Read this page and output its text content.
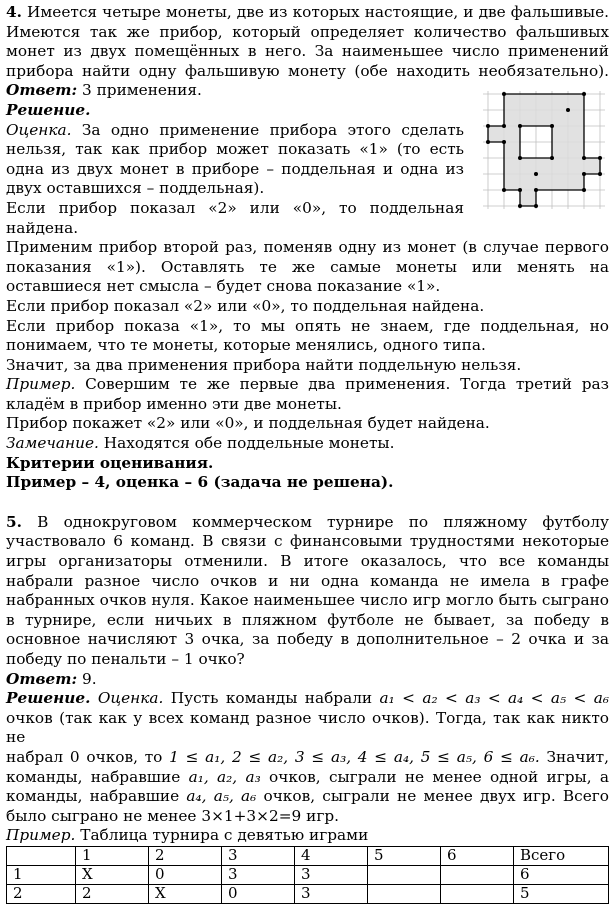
4. Имеется четыре монеты, две из которых настоящие, и две фальшивые.

Имеются так же прибор, который определяет количество фальшивых

монет из двух помещённых в него. За наименьшее число применений

прибора найти одну фальшивую монету (обе находить необязательно).

Ответ: 3 применения.

Решение.

Оценка. За одно применение прибора этого сделать

нельзя, так как прибор может показать «1» (то есть

одна из двух монет в приборе – поддельная и одна из

двух оставшихся – поддельная).

Если прибор показал «2» или «0», то поддельная

найдена.

Применим прибор второй раз, поменяв одну из монет (в случае первого

показания «1»). Оставлять те же самые монеты или менять на

оставшиеся нет смысла – будет снова показание «1».

Если прибор показал «2» или «0», то поддельная найдена.

Если прибор показа «1», то мы опять не знаем, где поддельная, но

понимаем, что те монеты, которые менялись, одного типа.

Значит, за два применения прибора найти поддельную нельзя.

Пример. Совершим те же первые два применения. Тогда третий раз

кладём в прибор именно эти две монеты.

Прибор покажет «2» или «0», и поддельная будет найдена.

Замечание. Находятся обе поддельные монеты.

Критерии оценивания.

Пример – 4, оценка – 6 (задача не решена).

5. В однокруговом коммерческом турнире по пляжному футболу

участвовало 6 команд. В связи с финансовыми трудностями некоторые

игры организаторы отменили. В итоге оказалось, что все команды

набрали разное число очков и ни одна команда не имела в графе

набранных очков нуля. Какое наименьшее число игр могло быть сыграно

в турнире, если ничьих в пляжном футболе не бывает, за победу в

основное начисляют 3 очка, за победу в дополнительное – 2 очка и за

победу по пенальти – 1 очко?

Ответ: 9.

Решение. Оценка. Пусть команды набрали a₁ < a₂ < a₃ < a₄ < a₅ < a₆

очков (так как у всех команд разное число очков). Тогда, так как никто не

набрал 0 очков, то 1 ≤ a₁, 2 ≤ a₂, 3 ≤ a₃, 4 ≤ a₄, 5 ≤ a₅, 6 ≤ a₆. Значит,

команды, набравшие a₁, a₂, a₃ очков, сыграли не менее одной игры, а

команды, набравшие a₄, a₅, a₆ очков, сыграли не менее двух игр. Всего

было сыграно не менее 3×1+3×2=9 игр.

Пример. Таблица турнира с девятью играми

	1	2	3	4	5	6	Всего
1	X	0	3	3			6
2	2	X	0	3			5
